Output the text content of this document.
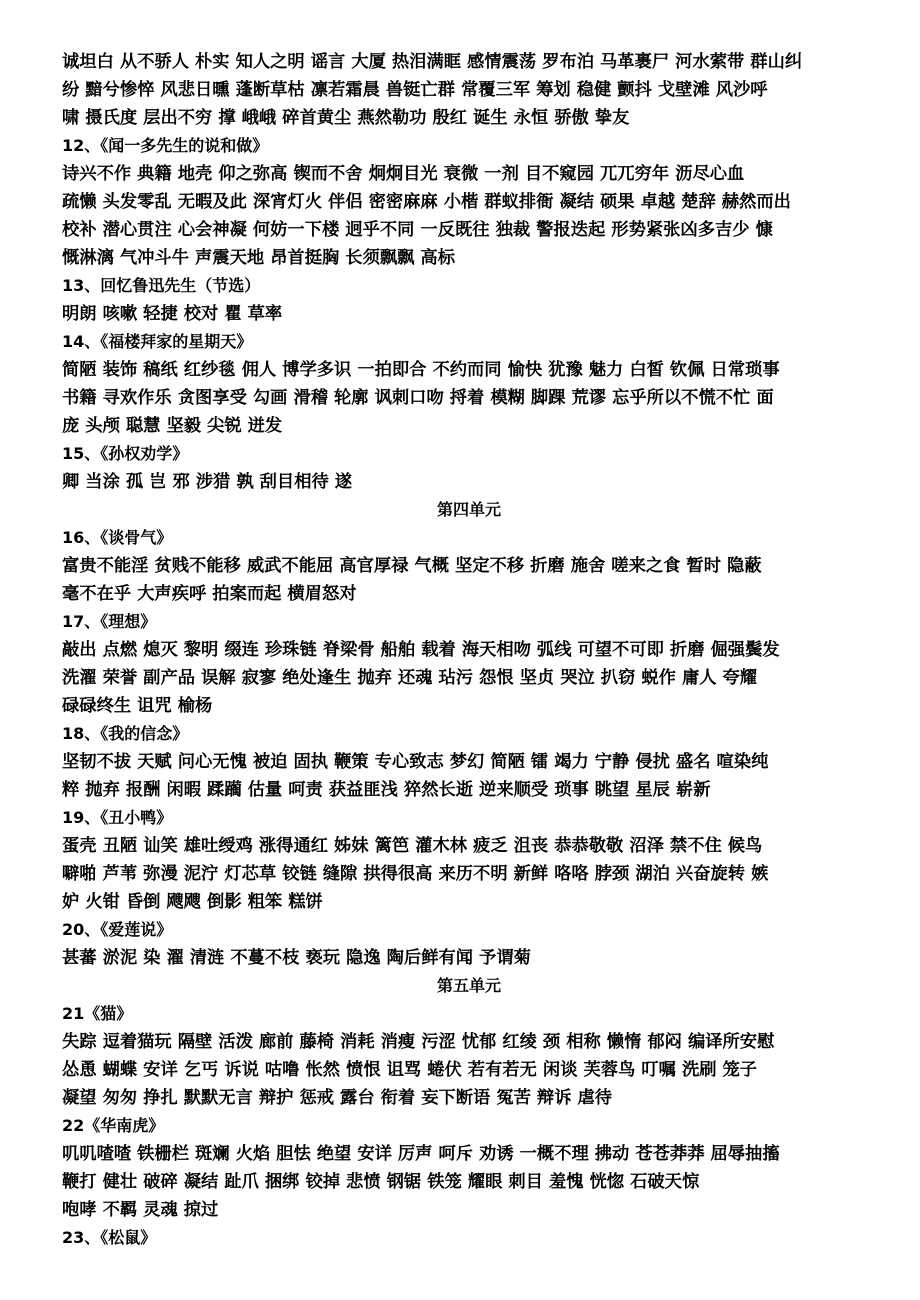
诚坦白 从不骄人 朴实 知人之明 谣言 大厦 热泪满眶 感情震荡 罗布泊 马革裹尸 河水萦带 群山纠
纷 黯兮惨悴 风悲日曛 蓬断草枯 凛若霜晨 兽铤亡群 常覆三军 筹划 稳健 颤抖 戈壁滩 风沙呼
啸 摄氏度 层出不穷 撑 峨峨 碎首黄尘 燕然勒功 殷红 诞生 永恒 骄傲 挚友
12、《闻一多先生的说和做》
诗兴不作 典籍 地壳 仰之弥高 锲而不舍 炯炯目光 衰微 一剂 目不窥园 兀兀穷年 沥尽心血
疏懒 头发零乱 无暇及此 深宵灯火 伴侣 密密麻麻 小楷 群蚁排衙 凝结 硕果 卓越 楚辞 赫然而出
校补 潜心贯注 心会神凝 何妨一下楼 迥乎不同 一反既往 独裁 警报迭起 形势紧张凶多吉少 慷
慨淋漓 气冲斗牛 声震天地 昂首挺胸 长须飘飘 高标
13、回忆鲁迅先生（节选）
明朗 咳嗽 轻捷 校对 瞿 草率
14、《福楼拜家的星期天》
简陋 装饰 稿纸 红纱毯 佣人 博学多识 一拍即合 不约而同 愉快 犹豫 魅力 白皙 钦佩 日常琐事
书籍 寻欢作乐 贪图享受 勾画 滑稽 轮廓 讽刺口吻 捋着 模糊 脚踝 荒谬 忘乎所以不慌不忙 面
庞 头颅 聪慧 坚毅 尖锐 迸发
15、《孙权劝学》
卿 当涂 孤 岂 邪 涉猎 孰 刮目相待 遂
第四单元
16、《谈骨气》
富贵不能淫 贫贱不能移 威武不能屈 高官厚禄 气概 坚定不移 折磨 施舍 嗟来之食 暂时 隐蔽
毫不在乎 大声疾呼 拍案而起 横眉怒对
17、《理想》
敲出 点燃 熄灭 黎明 缀连 珍珠链 脊梁骨 船舶 载着 海天相吻 弧线 可望不可即 折磨 倔强鬓发
洗濯 荣誉 副产品 误解 寂寥 绝处逢生 抛弃 还魂 玷污 怨恨 坚贞 哭泣 扒窃 蜕作 庸人 夸耀
碌碌终生 诅咒 榆杨
18、《我的信念》
坚韧不拔 天赋 问心无愧 被迫 固执 鞭策 专心致志 梦幻 简陋 镭 竭力 宁静 侵扰 盛名 喧染纯
粹 抛弃 报酬 闲暇 蹂躏 估量 呵责 获益匪浅 猝然长逝 逆来顺受 琐事 眺望 星辰 崭新
19、《丑小鸭》
蛋壳 丑陋 讪笑 雄吐绶鸡 涨得通红 姊妹 篱笆 灌木林 疲乏 沮丧 恭恭敬敬 沼泽 禁不住 候鸟
噼啪 芦苇 弥漫 泥泞 灯芯草 铰链 缝隙 拱得很高 来历不明 新鲜 咯咯 脖颈 湖泊 兴奋旋转 嫉
妒 火钳 昏倒 飕飕 倒影 粗笨 糕饼
20、《爱莲说》
甚蕃 淤泥 染 濯 清涟 不蔓不枝 亵玩 隐逸 陶后鲜有闻 予谓菊
第五单元
21《猫》
失踪 逗着猫玩 隔壁 活泼 廊前 藤椅 消耗 消瘦 污涩 忧郁 红绫 颈 相称 懒惰 郁闷 编译所安慰
怂恿 蝴蝶 安详 乞丐 诉说 咕噜 怅然 愤恨 诅骂 蜷伏 若有若无 闲谈 芙蓉鸟 叮嘱 洗刷 笼子
凝望 匆匆 挣扎 默默无言 辩护 惩戒 露台 衔着 妄下断语 冤苦 辩诉 虐待
22《华南虎》
叽叽喳喳 铁栅栏 斑斓 火焰 胆怯 绝望 安详 厉声 呵斥 劝诱 一概不理 拂动 苍苍莽莽 屈辱抽搐
鞭打 健壮 破碎 凝结 趾爪 捆绑 铰掉 悲愤 钢锯 铁笼 耀眼 刺目 羞愧 恍惚 石破天惊
咆哮 不羁 灵魂 掠过
23、《松鼠》
